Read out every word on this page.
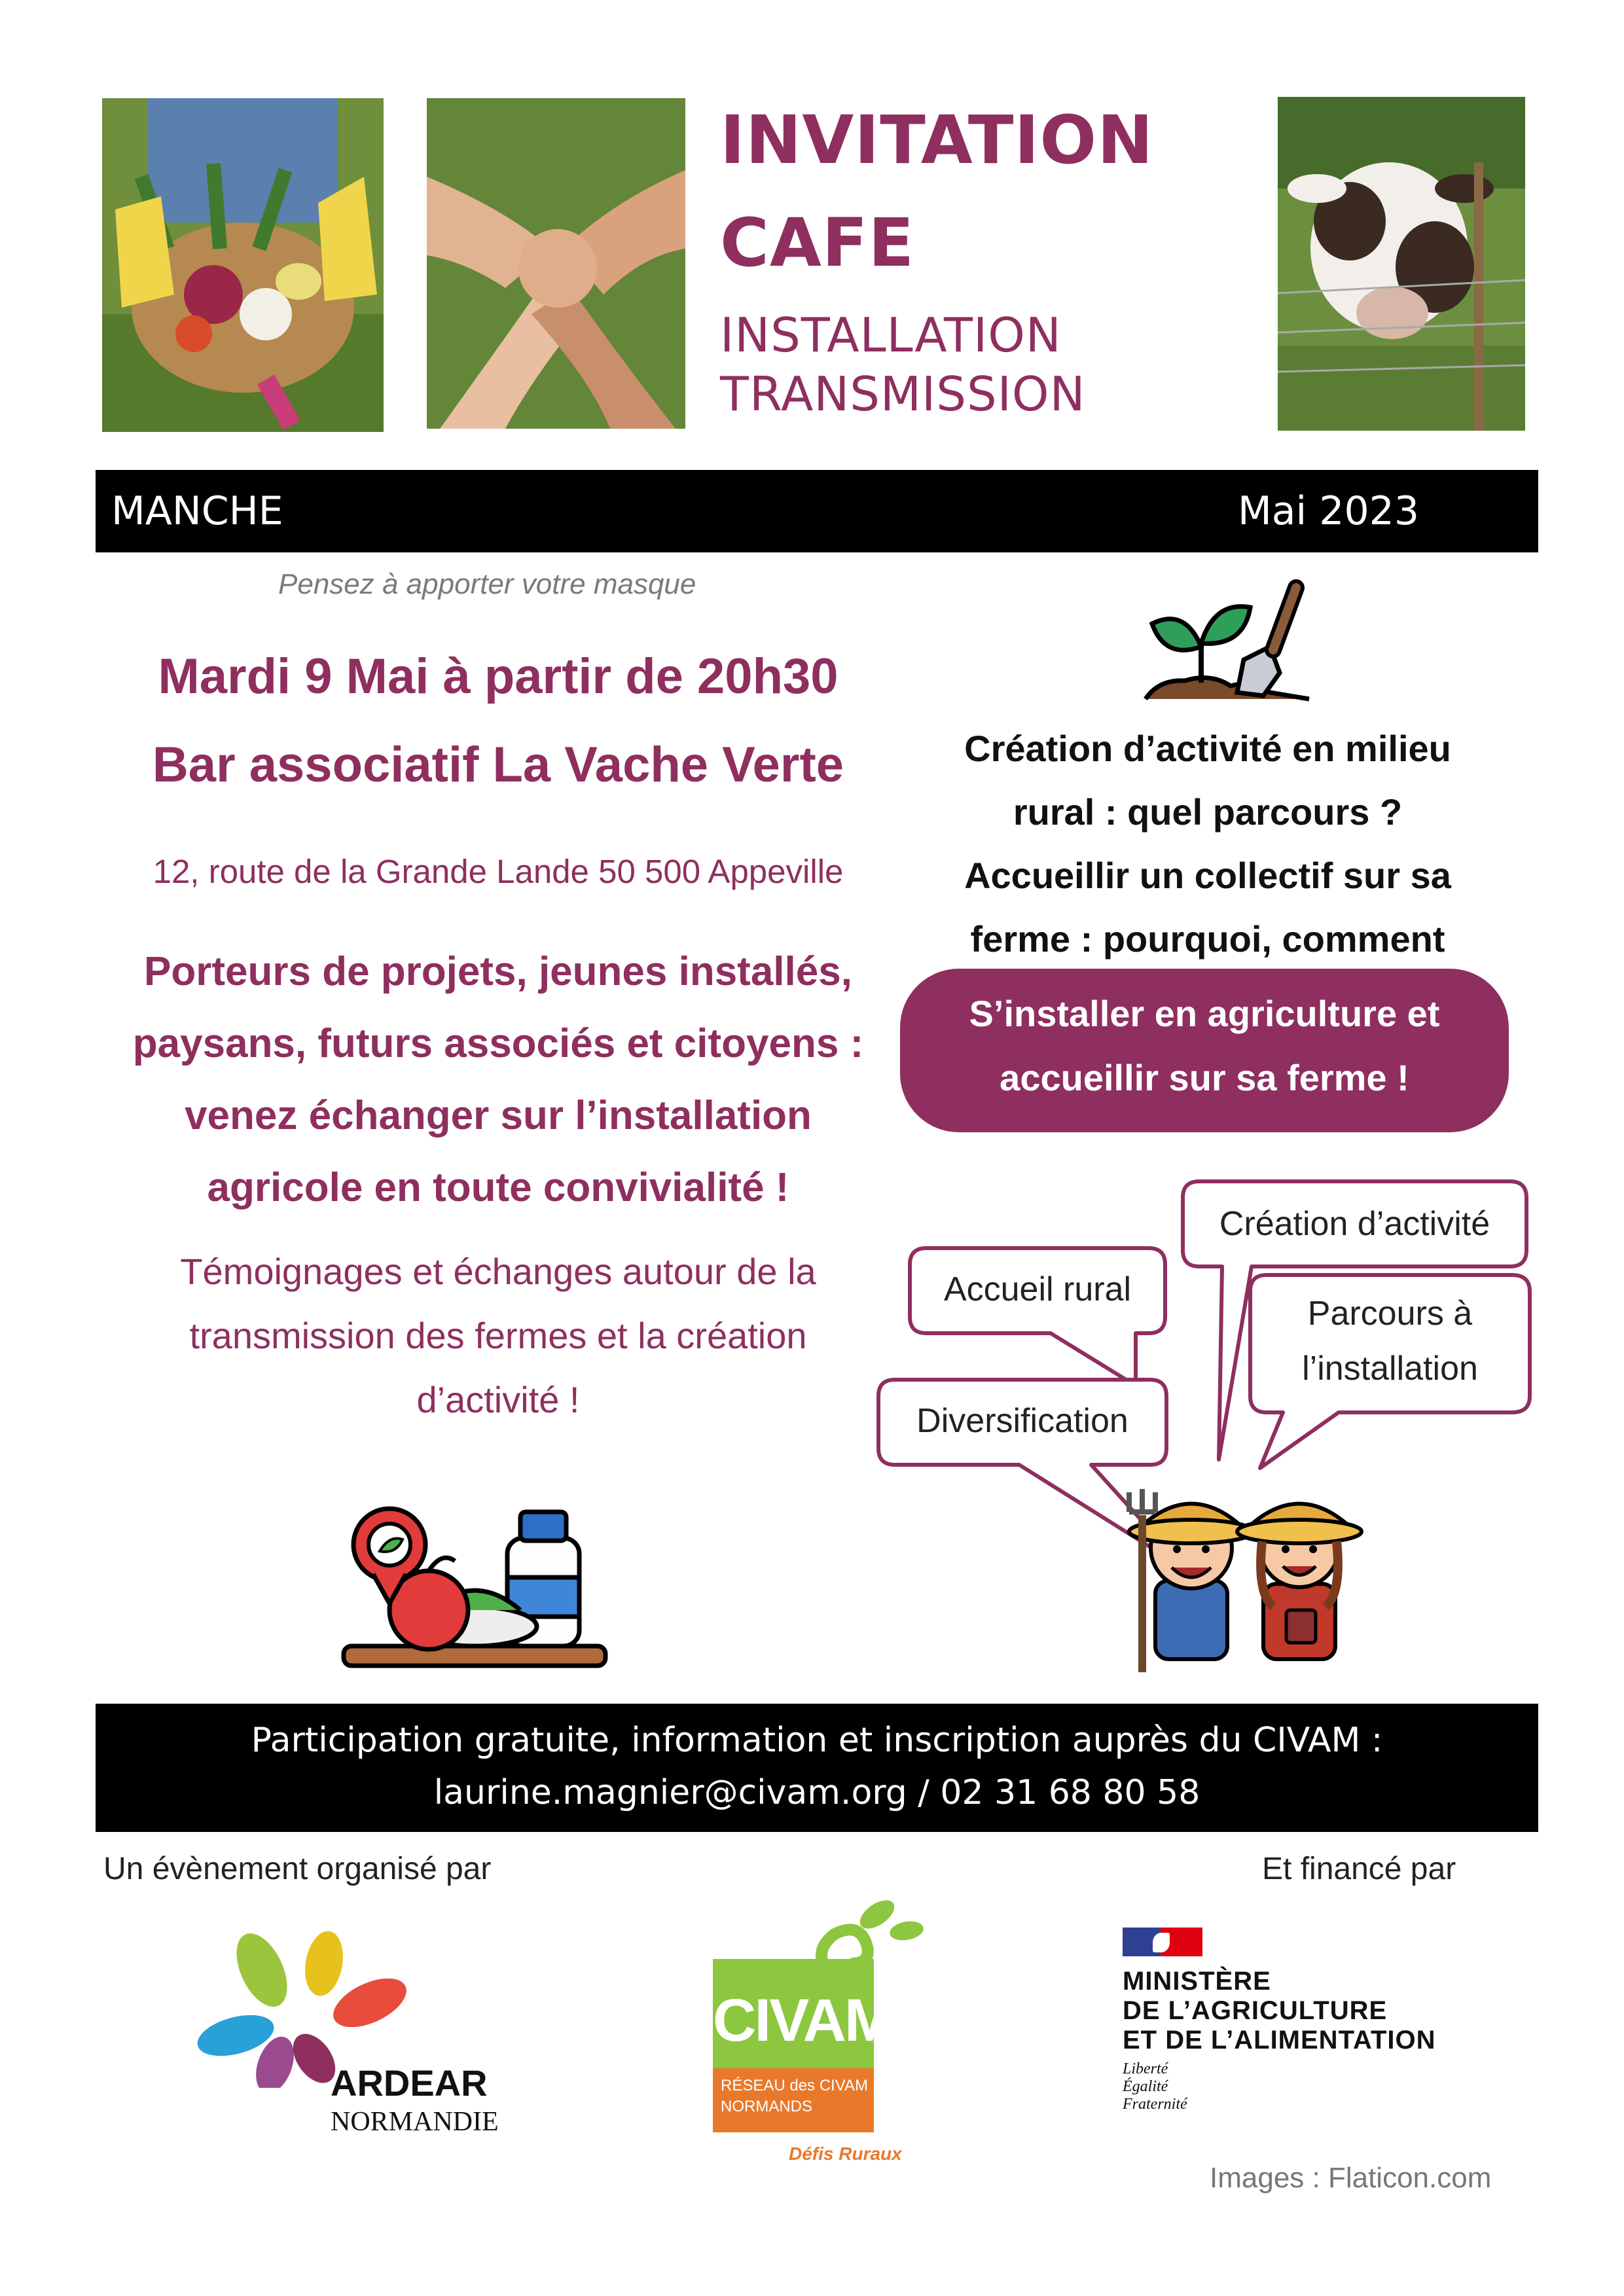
INVITATION
CAFE
INSTALLATION
TRANSMISSION
MANCHE	Mai 2023
Pensez à apporter votre masque
Mardi 9 Mai à partir de 20h30
Bar associatif La Vache Verte
12, route de la Grande Lande 50 500 Appeville
Porteurs de projets, jeunes installés,
paysans, futurs associés et citoyens :
venez échanger sur l’installation
agricole en toute convivialité !
Témoignages et échanges autour de la
transmission des fermes et la création
d’activité !
Création d’activité en milieu
rural : quel parcours ?
Accueillir un collectif sur sa
ferme : pourquoi, comment
S’installer en agriculture et
accueillir sur sa ferme !
Création d’activité
Accueil rural
Parcours à
l’installation
Diversification
Participation gratuite, information et inscription auprès du CIVAM :
laurine.magnier@civam.org / 02 31 68 80 58
Un évènement organisé par	Et financé par
ARDEAR
NORMANDIE
CIVAM
RÉSEAU des CIVAM
NORMANDS
Défis Ruraux
MINISTÈRE
DE L’AGRICULTURE
ET DE L’ALIMENTATION
Liberté
Égalité
Fraternité
Images : Flaticon.com
